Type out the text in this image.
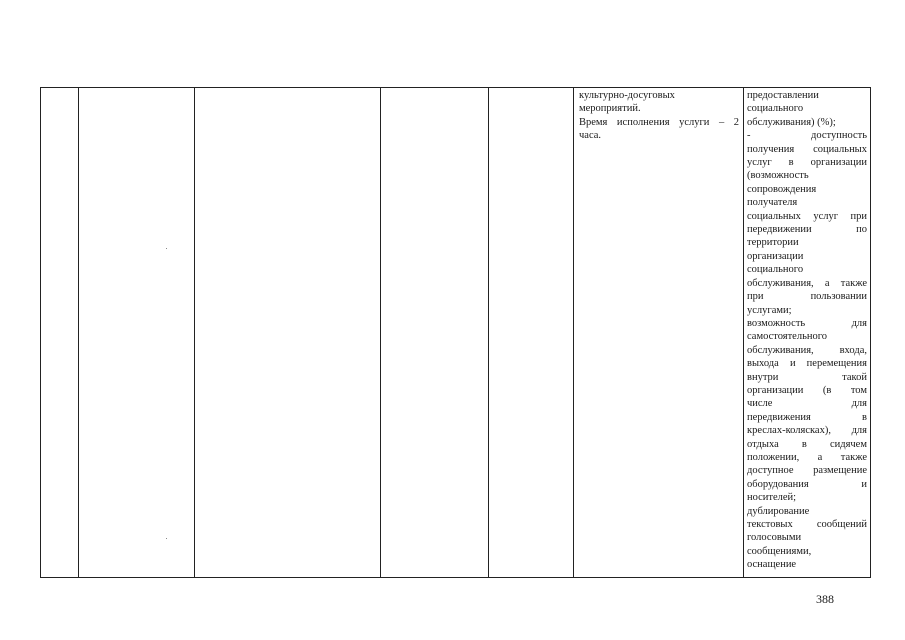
культурно-досуговых
мероприятий.
Время исполнения услуги – 2
часа.
предоставлении
социального
обслуживания) (%);
- доступность
получения социальных
услуг в организации
(возможность
сопровождения
получателя
социальных услуг при
передвижении по
территории
организации
социального
обслуживания, а также
при пользовании
услугами;
возможность для
самостоятельного
обслуживания, входа,
выхода и перемещения
внутри такой
организации (в том
числе для
передвижения в
креслах-колясках), для
отдыха в сидячем
положении, а также
доступное размещение
оборудования и
носителей;
дублирование
текстовых сообщений
голосовыми
сообщениями,
оснащение
388
